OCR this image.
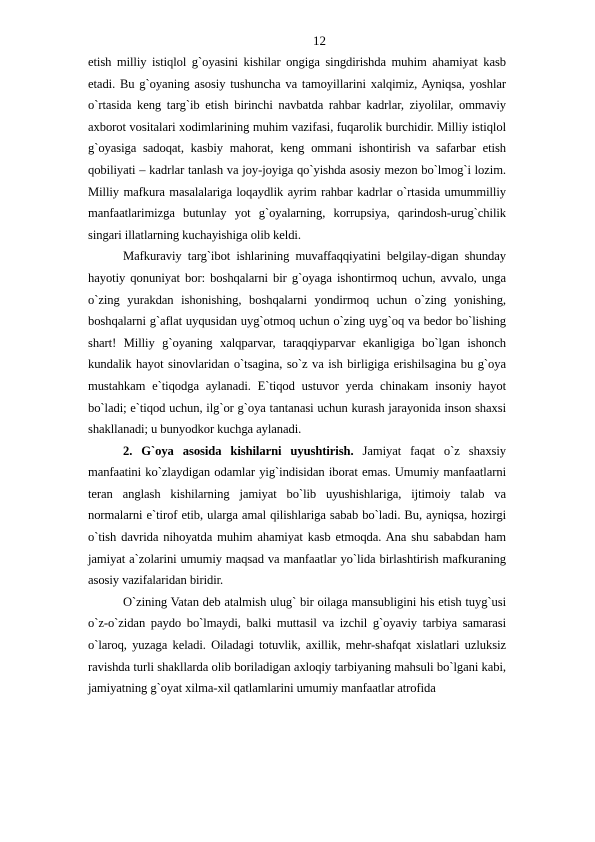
12

etish milliy istiqlol g`oyasini kishilar ongiga singdirishda muhim ahamiyat kasb etadi. Bu g`oyaning asosiy tushuncha va tamoyillarini xalqimiz, Ayniqsa, yoshlar o`rtasida keng targ`ib etish birinchi navbatda rahbar kadrlar, ziyolilar, ommaviy axborot vositalari xodimlarining muhim vazifasi, fuqarolik burchidir. Milliy istiqlol g`oyasiga sadoqat, kasbiy mahorat, keng ommani ishontirish va safarbar etish qobiliyati – kadrlar tanlash va joy-joyiga qo`yishda asosiy mezon bo`lmog`i lozim. Milliy mafkura masalalariga loqaydlik ayrim rahbar kadrlar o`rtasida umummilliy manfaatlarimizga butunlay yot g`oyalarning, korrupsiya, qarindosh-urug`chilik singari illatlarning kuchayishiga olib keldi.

Mafkuraviy targ`ibot ishlarining muvaffaqqiyatini belgilay-digan shunday hayotiy qonuniyat bor: boshqalarni bir g`oyaga ishontirmoq uchun, avvalo, unga o`zing yurakdan ishonishing, boshqalarni yondirmoq uchun o`zing yonishing, boshqalarni g`aflat uyqusidan uyg`otmoq uchun o`zing uyg`oq va bedor bo`lishing shart! Milliy g`oyaning xalqparvar, taraqqiyparvar ekanligiga bo`lgan ishonch kundalik hayot sinovlaridan o`tsagina, so`z va ish birligiga erishilsagina bu g`oya mustahkam e`tiqodga aylanadi. E`tiqod ustuvor yerda chinakam insoniy hayot bo`ladi; e`tiqod uchun, ilg`or g`oya tantanasi uchun kurash jarayonida inson shaxsi shakllanadi; u bunyodkor kuchga aylanadi.

2. G`oya asosida kishilarni uyushtirish. Jamiyat faqat o`z shaxsiy manfaatini ko`zlaydigan odamlar yig`indisidan iborat emas. Umumiy manfaatlarni teran anglash kishilarning jamiyat bo`lib uyushishlariga, ijtimoiy talab va normalarni e`tirof etib, ularga amal qilishlariga sabab bo`ladi. Bu, ayniqsa, hozirgi o`tish davrida nihoyatda muhim ahamiyat kasb etmoqda. Ana shu sababdan ham jamiyat a`zolarini umumiy maqsad va manfaatlar yo`lida birlashtirish mafkuraning asosiy vazifalaridan biridir.

O`zining Vatan deb atalmish ulug` bir oilaga mansubligini his etish tuyg`usi o`z-o`zidan paydo bo`lmaydi, balki muttasil va izchil g`oyaviy tarbiya samarasi o`laroq, yuzaga keladi. Oiladagi totuvlik, axillik, mehr-shafqat xislatlari uzluksiz ravishda turli shakllarda olib boriladigan axloqiy tarbiyaning mahsuli bo`lgani kabi, jamiyatning g`oyat xilma-xil qatlamlarini umumiy manfaatlar atrofida
